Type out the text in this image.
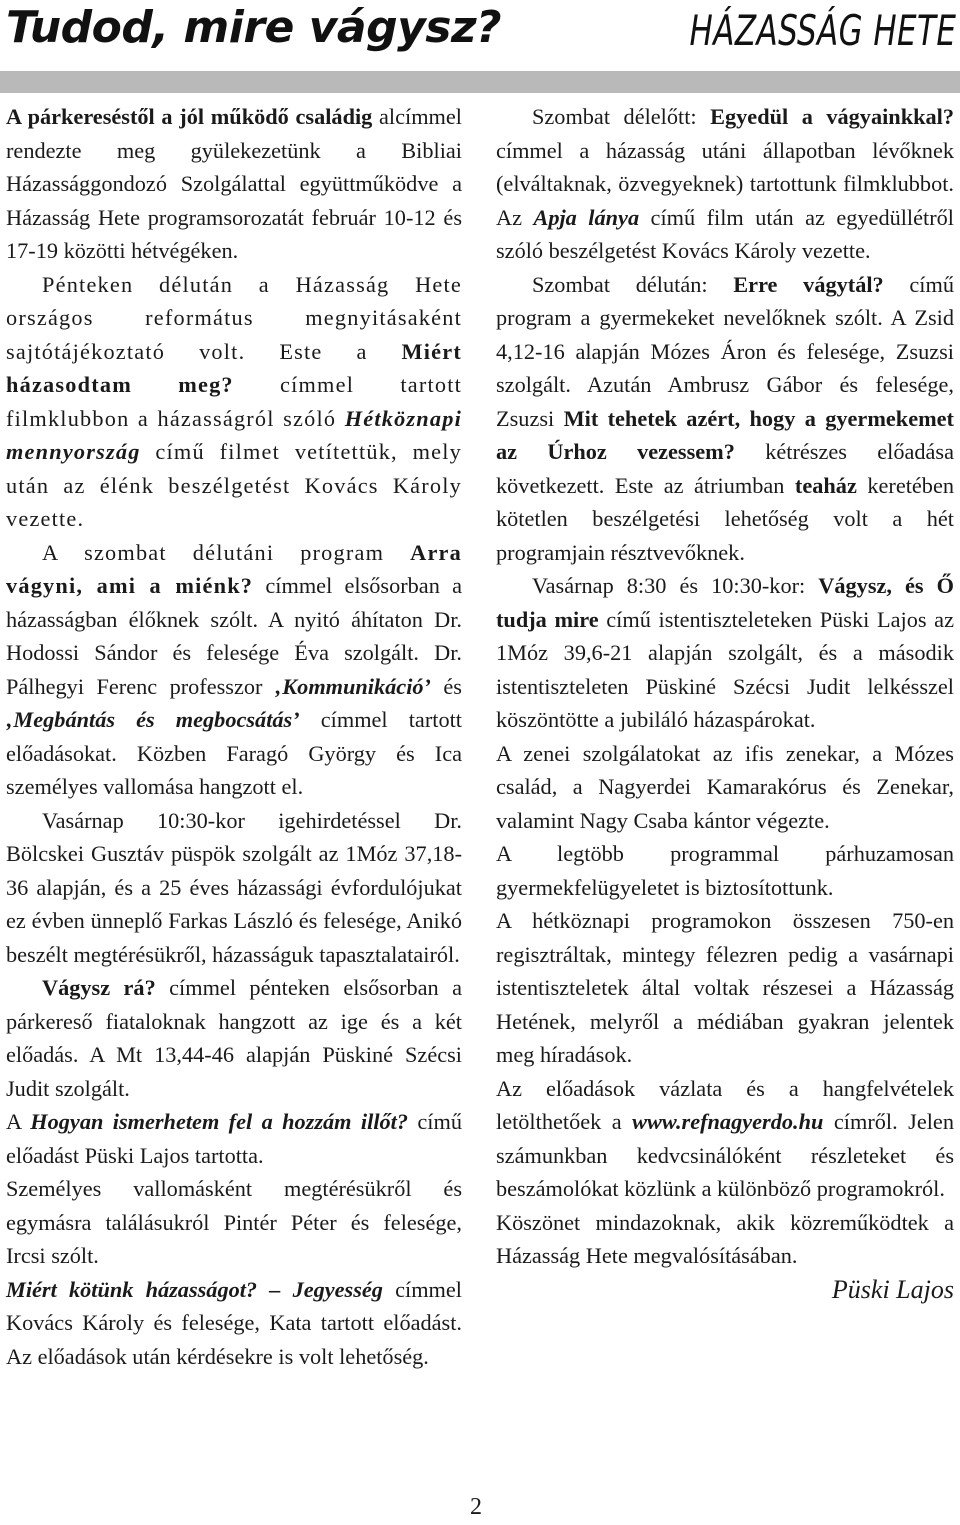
Tudod, mire vágysz?	HÁZASSÁG HETE

A párkereséstől a jól működő családig alcímmel rendezte meg gyülekezetünk a Bibliai Házassággondozó Szolgálattal együttműködve a Házasság Hete programsorozatát február 10-12 és 17-19 közötti hétvégéken.

Pénteken délután a Házasság Hete országos református megnyitásaként sajtótájékoztató volt. Este a Miért házasodtam meg? címmel tartott filmklubbon a házasságról szóló Hétköznapi mennyország című filmet vetítettük, mely után az élénk beszélgetést Kovács Károly vezette.

A szombat délutáni program Arra vágyni, ami a miénk? címmel elsősorban a házasságban élőknek szólt. A nyitó áhítaton Dr. Hodossi Sándor és felesége Éva szolgált. Dr. Pálhegyi Ferenc professzor ‚Kommunikáció’ és ‚Megbántás és megbocsátás’ címmel tartott előadásokat. Közben Faragó György és Ica személyes vallomása hangzott el.

Vasárnap 10:30-kor igehirdetéssel Dr. Bölcskei Gusztáv püspök szolgált az 1Móz 37,18-36 alapján, és a 25 éves házassági évfordulójukat ez évben ünneplő Farkas László és felesége, Anikó beszélt megtérésükről, házasságuk tapasztalatairól.

Vágysz rá? címmel pénteken elsősorban a párkereső fiataloknak hangzott az ige és a két előadás. A Mt 13,44-46 alapján Püskiné Szécsi Judit szolgált.

A Hogyan ismerhetem fel a hozzám illőt? című előadást Püski Lajos tartotta.

Személyes vallomásként megtérésükről és egymásra találásukról Pintér Péter és felesége, Ircsi szólt.

Miért kötünk házasságot? – Jegyesség címmel Kovács Károly és felesége, Kata tartott előadást. Az előadások után kérdésekre is volt lehetőség.

Szombat délelőtt: Egyedül a vágyainkkal? címmel a házasság utáni állapotban lévőknek (elváltaknak, özvegyeknek) tartottunk filmklubbot. Az Apja lánya című film után az egyedüllétről szóló beszélgetést Kovács Károly vezette.

Szombat délután: Erre vágytál? című program a gyermekeket nevelőknek szólt. A Zsid 4,12-16 alapján Mózes Áron és felesége, Zsuzsi szolgált. Azután Ambrusz Gábor és felesége, Zsuzsi Mit tehetek azért, hogy a gyermekemet az Úrhoz vezessem? kétrészes előadása következett. Este az átriumban teaház keretében kötetlen beszélgetési lehetőség volt a hét programjain résztvevőknek.

Vasárnap 8:30 és 10:30-kor: Vágysz, és Ő tudja mire című istentiszteleteken Püski Lajos az 1Móz 39,6-21 alapján szolgált, és a második istentiszteleten Püskiné Szécsi Judit lelkésszel köszöntötte a jubiláló házaspárokat.

A zenei szolgálatokat az ifis zenekar, a Mózes család, a Nagyerdei Kamarakórus és Zenekar, valamint Nagy Csaba kántor végezte.

A legtöbb programmal párhuzamosan gyermekfelügyeletet is biztosítottunk.

A hétköznapi programokon összesen 750-en regisztráltak, mintegy félezren pedig a vasárnapi istentiszteletek által voltak részesei a Házasság Hetének, melyről a médiában gyakran jelentek meg híradások.

Az előadások vázlata és a hangfelvételek letölthetőek a www.refnagyerdo.hu címről. Jelen számunkban kedvcsinálóként részleteket és beszámolókat közlünk a különböző programokról.

Köszönet mindazoknak, akik közreműködtek a Házasság Hete megvalósításában.

Püski Lajos

2
